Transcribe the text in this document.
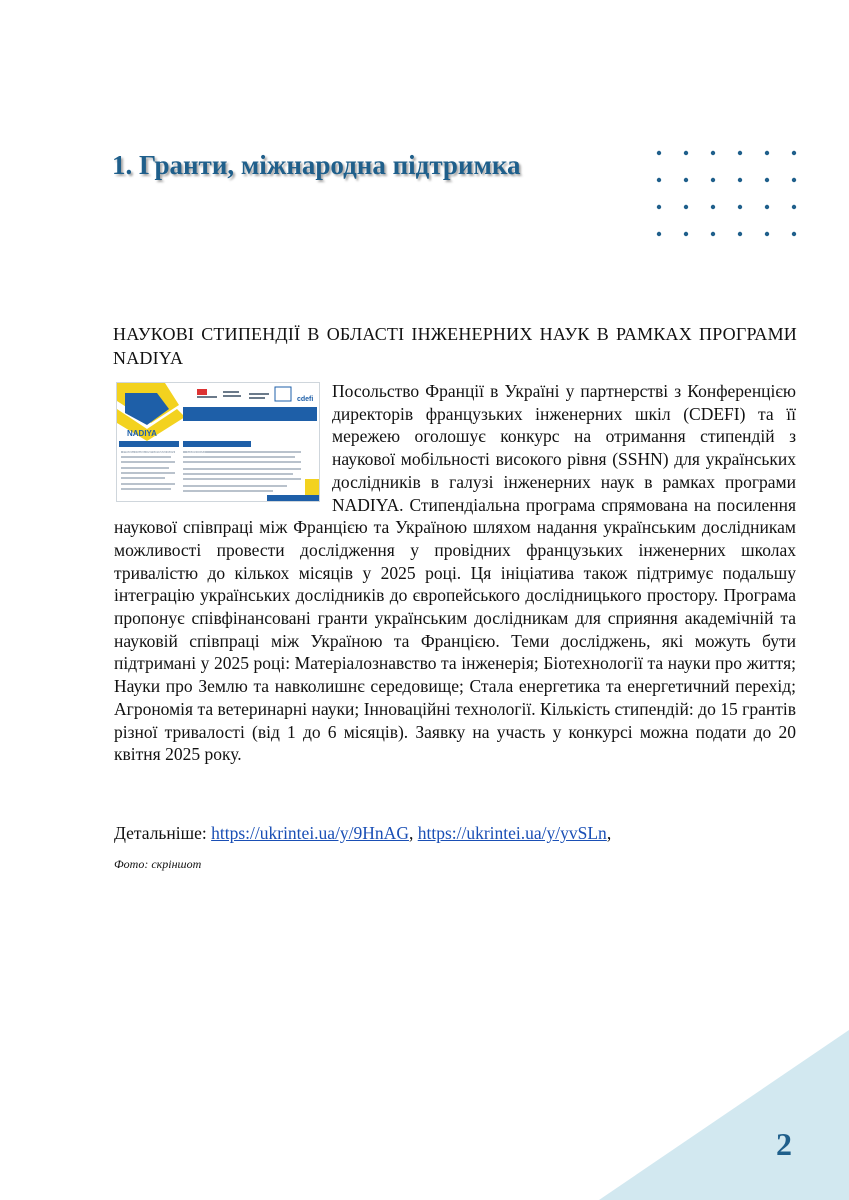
1. Гранти, міжнародна підтримка
НАУКОВІ СТИПЕНДІЇ В ОБЛАСТІ ІНЖЕНЕРНИХ НАУК В РАМКАХ ПРОГРАМИ NADIYA
NADIYA
PRACTICAL INFORMATION	CONTEXT
cdefi Посольство Франції в Україні у партнерстві з Конференцією директорів французьких інженерних шкіл (CDEFI) та її мережею оголошує конкурс на отримання стипендій з наукової мобільності високого рівня (SSHN) для українських дослідників в галузі інженерних наук в рамках програми NADIYA. Стипендіальна програма спрямована на посилення наукової співпраці між Францією та Україною шляхом надання українським дослідникам можливості провести дослідження у провідних французьких інженерних школах тривалістю до кількох місяців у 2025 році. Ця ініціатива також підтримує подальшу інтеграцію українських дослідників до європейського дослідницького простору. Програма пропонує співфінансовані гранти українським дослідникам для сприяння академічній та науковій співпраці між Україною та Францією. Теми досліджень, які можуть бути підтримані у 2025 році: Матеріалознавство та інженерія; Біотехнології та науки про життя; Науки про Землю та навколишнє середовище; Стала енергетика та енергетичний перехід; Агрономія та ветеринарні науки; Інноваційні технології. Кількість стипендій: до 15 грантів різної тривалості (від 1 до 6 місяців). Заявку на участь у конкурсі можна подати до 20 квітня 2025 року.
Детальніше: https://ukrintei.ua/y/9HnAG, https://ukrintei.ua/y/yvSLn,
Фото: скріншот
2
